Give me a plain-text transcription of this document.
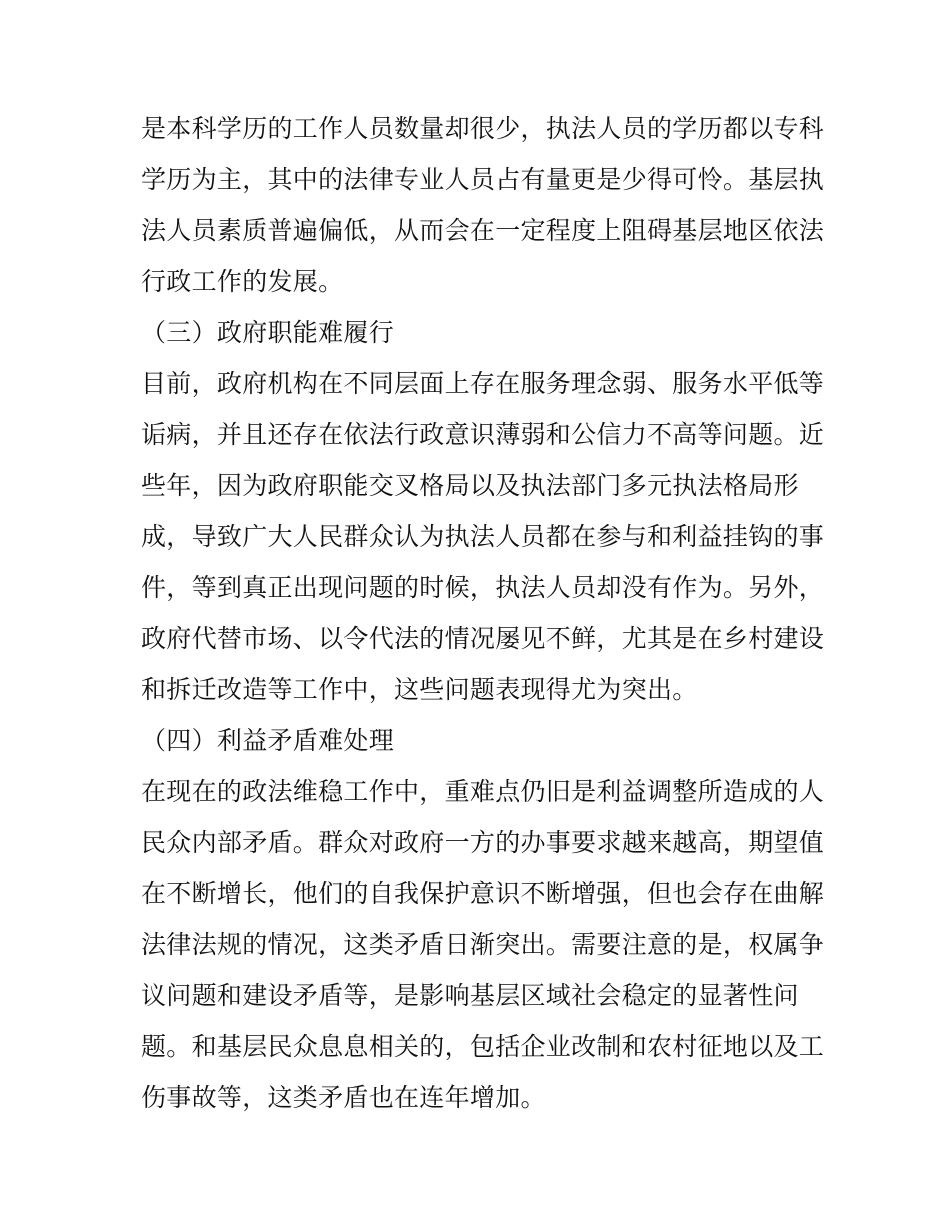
是本科学历的工作人员数量却很少，执法人员的学历都以专科
学历为主，其中的法律专业人员占有量更是少得可怜。基层执
法人员素质普遍偏低，从而会在一定程度上阻碍基层地区依法
行政工作的发展。
（三）政府职能难履行
目前，政府机构在不同层面上存在服务理念弱、服务水平低等
诟病，并且还存在依法行政意识薄弱和公信力不高等问题。近
些年，因为政府职能交叉格局以及执法部门多元执法格局形
成，导致广大人民群众认为执法人员都在参与和利益挂钩的事
件，等到真正出现问题的时候，执法人员却没有作为。另外，
政府代替市场、以令代法的情况屡见不鲜，尤其是在乡村建设
和拆迁改造等工作中，这些问题表现得尤为突出。
（四）利益矛盾难处理
在现在的政法维稳工作中，重难点仍旧是利益调整所造成的人
民众内部矛盾。群众对政府一方的办事要求越来越高，期望值
在不断增长，他们的自我保护意识不断增强，但也会存在曲解
法律法规的情况，这类矛盾日渐突出。需要注意的是，权属争
议问题和建设矛盾等，是影响基层区域社会稳定的显著性问
题。和基层民众息息相关的，包括企业改制和农村征地以及工
伤事故等，这类矛盾也在连年增加。
